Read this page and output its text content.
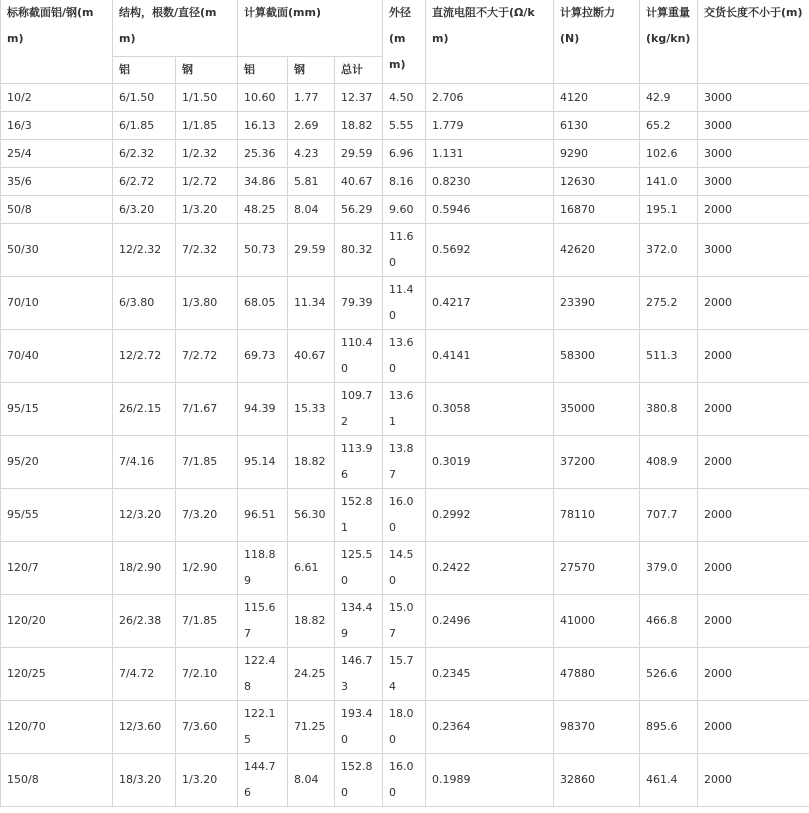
标称截面铝/钢(mm)	结构，根数/直径(mm)		计算截面(mm)			外径(mm)	直流电阻不大于(Ω/km)	计算拉断力(N)	计算重量(kg/kn)	交货长度不小于(m)
	铝	钢	铝	钢	总计					
10/2	6/1.50	1/1.50	10.60	1.77	12.37	4.50	2.706	4120	42.9	3000
16/3	6/1.85	1/1.85	16.13	2.69	18.82	5.55	1.779	6130	65.2	3000
25/4	6/2.32	1/2.32	25.36	4.23	29.59	6.96	1.131	9290	102.6	3000
35/6	6/2.72	1/2.72	34.86	5.81	40.67	8.16	0.8230	12630	141.0	3000
50/8	6/3.20	1/3.20	48.25	8.04	56.29	9.60	0.5946	16870	195.1	2000
50/30	12/2.32	7/2.32	50.73	29.59	80.32	11.60	0.5692	42620	372.0	3000
70/10	6/3.80	1/3.80	68.05	11.34	79.39	11.40	0.4217	23390	275.2	2000
70/40	12/2.72	7/2.72	69.73	40.67	110.40	13.60	0.4141	58300	511.3	2000
95/15	26/2.15	7/1.67	94.39	15.33	109.72	13.61	0.3058	35000	380.8	2000
95/20	7/4.16	7/1.85	95.14	18.82	113.96	13.87	0.3019	37200	408.9	2000
95/55	12/3.20	7/3.20	96.51	56.30	152.81	16.00	0.2992	78110	707.7	2000
120/7	18/2.90	1/2.90	118.89	6.61	125.50	14.50	0.2422	27570	379.0	2000
120/20	26/2.38	7/1.85	115.67	18.82	134.49	15.07	0.2496	41000	466.8	2000
120/25	7/4.72	7/2.10	122.48	24.25	146.73	15.74	0.2345	47880	526.6	2000
120/70	12/3.60	7/3.60	122.15	71.25	193.40	18.00	0.2364	98370	895.6	2000
150/8	18/3.20	1/3.20	144.76	8.04	152.80	16.00	0.1989	32860	461.4	2000
